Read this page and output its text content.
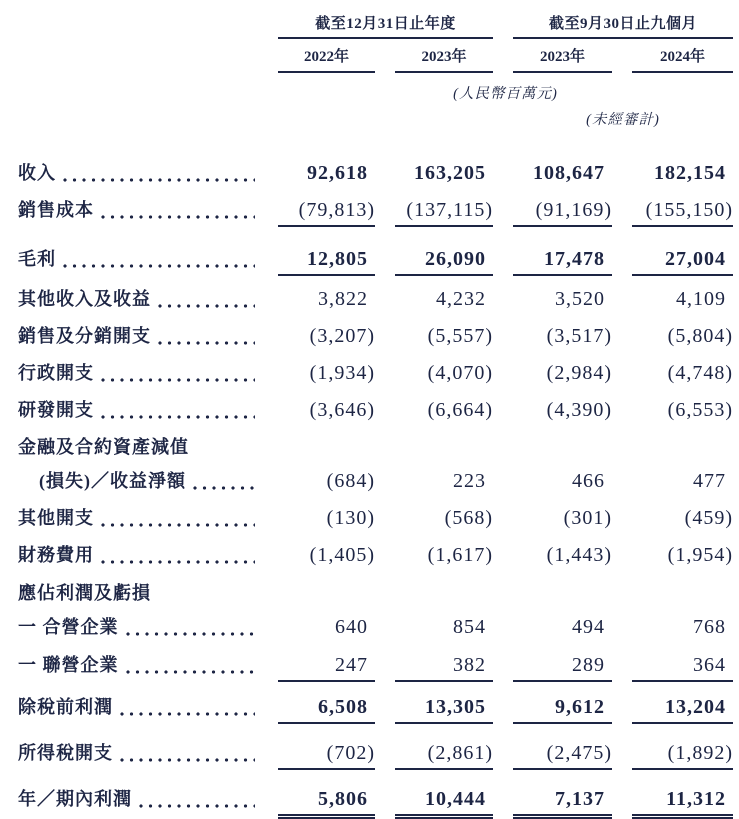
截至12月31日止年度	截至9月30日止九個月
2022年	2023年	2023年	2024年
(人民幣百萬元)
(未經審計)
收入	92,618	163,205	108,647	182,154
銷售成本	(79,813)	(137,115)	(91,169)	(155,150)
毛利	12,805	26,090	17,478	27,004
其他收入及收益	3,822	4,232	3,520	4,109
銷售及分銷開支	(3,207)	(5,557)	(3,517)	(5,804)
行政開支	(1,934)	(4,070)	(2,984)	(4,748)
研發開支	(3,646)	(6,664)	(4,390)	(6,553)
金融及合約資產減值
(損失)／收益淨額	(684)	223	466	477
其他開支	(130)	(568)	(301)	(459)
財務費用	(1,405)	(1,617)	(1,443)	(1,954)
應佔利潤及虧損
一 合營企業	640	854	494	768
一 聯營企業	247	382	289	364
除稅前利潤	6,508	13,305	9,612	13,204
所得稅開支	(702)	(2,861)	(2,475)	(1,892)
年／期內利潤	5,806	10,444	7,137	11,312
